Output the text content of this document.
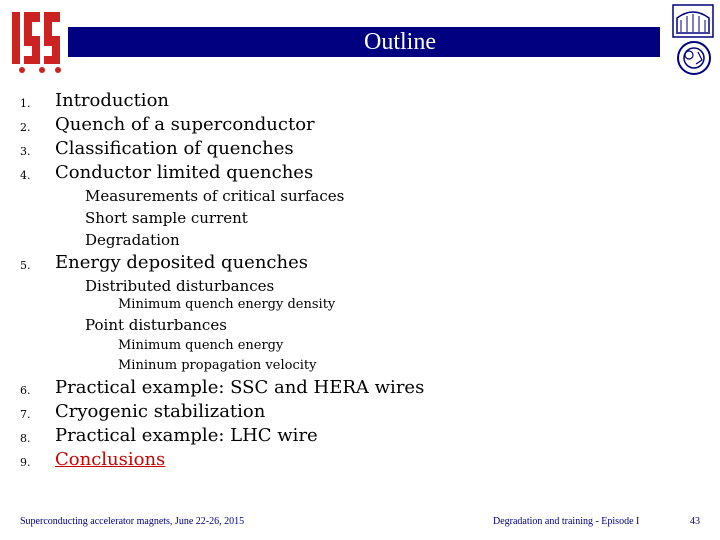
Outline
1. Introduction
2. Quench of a superconductor
3. Classification of quenches
4. Conductor limited quenches
Measurements of critical surfaces
Short sample current
Degradation
5. Energy deposited quenches
Distributed disturbances
Minimum quench energy density
Point disturbances
Minimum quench energy
Mininum propagation velocity
6. Practical example: SSC and HERA wires
7. Cryogenic stabilization
8. Practical example: LHC wire
9. Conclusions
Superconducting accelerator magnets, June 22-26, 2015	Degradation and training - Episode I	43
